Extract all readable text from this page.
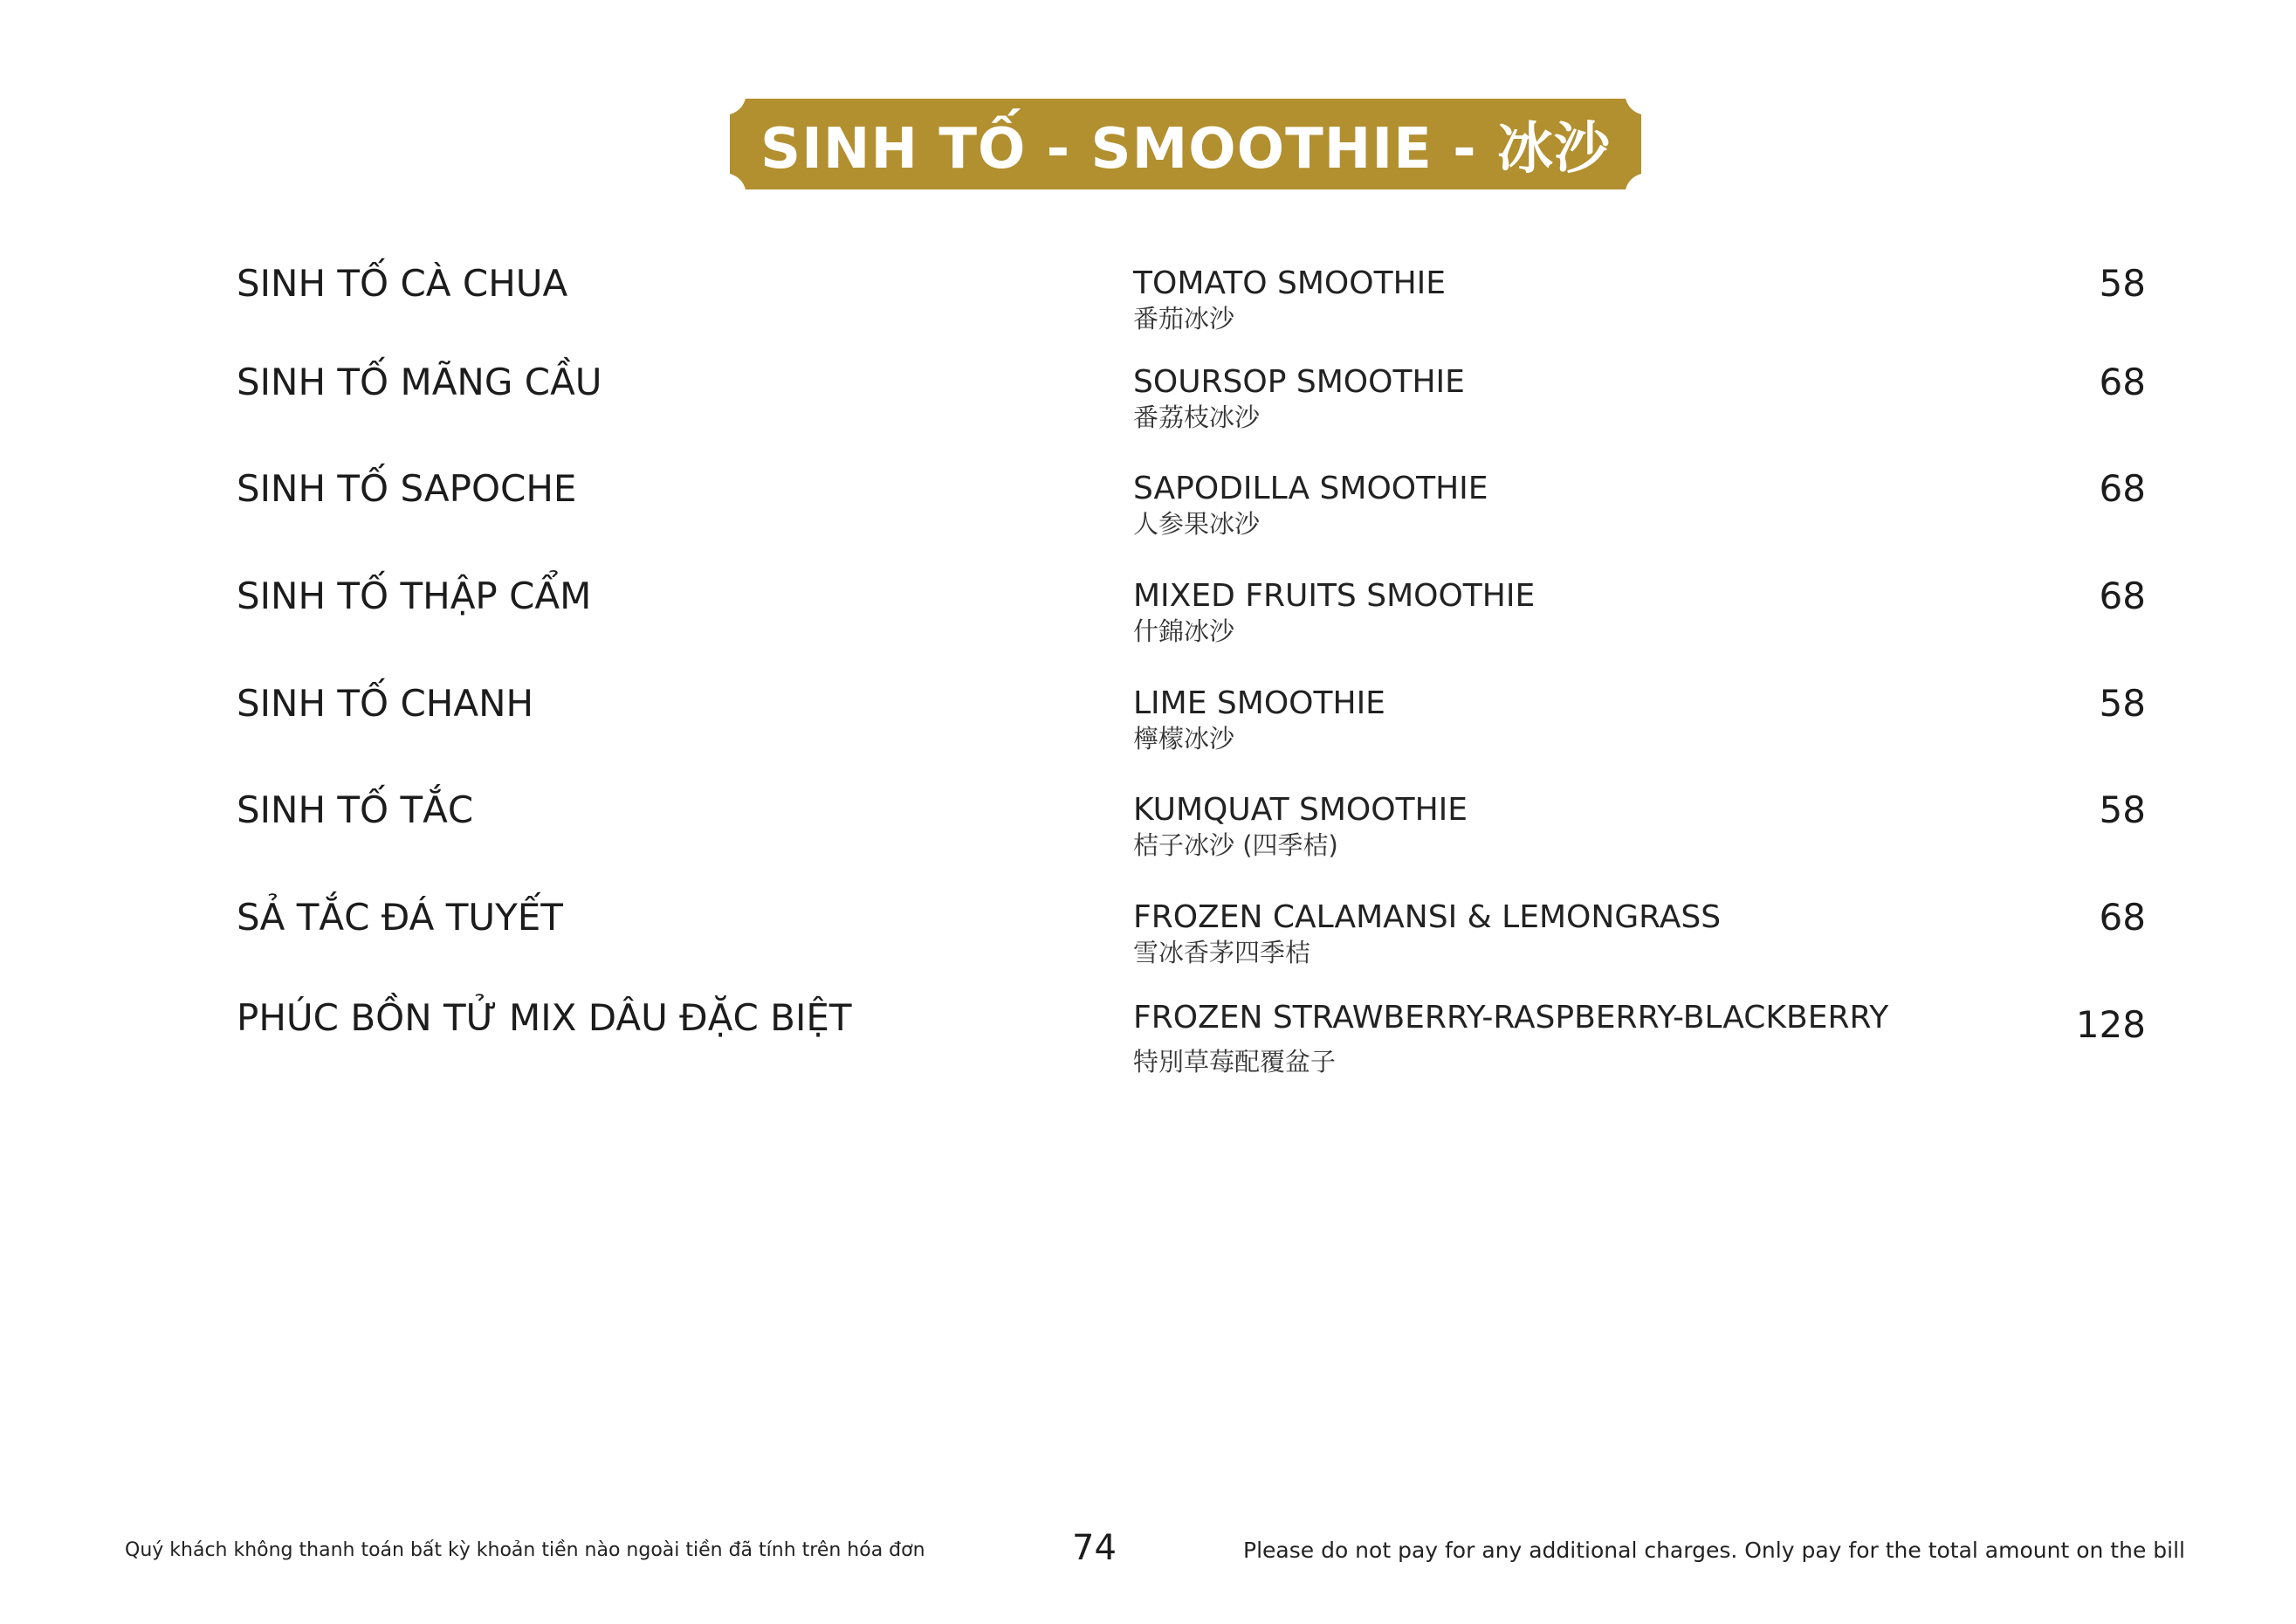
SINH TỐ - SMOOTHIE - 冰沙
SINH TỐ CÀ CHUA	TOMATO SMOOTHIE
番茄冰沙
58
SINH TỐ MÃNG CẦU	SOURSOP SMOOTHIE
番荔枝冰沙
68
SINH TỐ SAPOCHE	SAPODILLA SMOOTHIE
人参果冰沙
68
SINH TỐ THẬP CẨM	MIXED FRUITS SMOOTHIE
什錦冰沙
68
SINH TỐ CHANH	LIME SMOOTHIE
檸檬冰沙
58
SINH TỐ TẮC	KUMQUAT SMOOTHIE
桔子冰沙 (四季桔)
58
SẢ TẮC ĐÁ TUYẾT	FROZEN CALAMANSI & LEMONGRASS
雪冰香茅四季桔
68
PHÚC BỒN TỬ MIX DÂU ĐẶC BIỆT	FROZEN STRAWBERRY-RASPBERRY-BLACKBERRY
特別草莓配覆盆子
128
Quý khách không thanh toán bất kỳ khoản tiền nào ngoài tiền đã tính trên hóa đơn	74	Please do not pay for any additional charges. Only pay for the total amount on the bill
